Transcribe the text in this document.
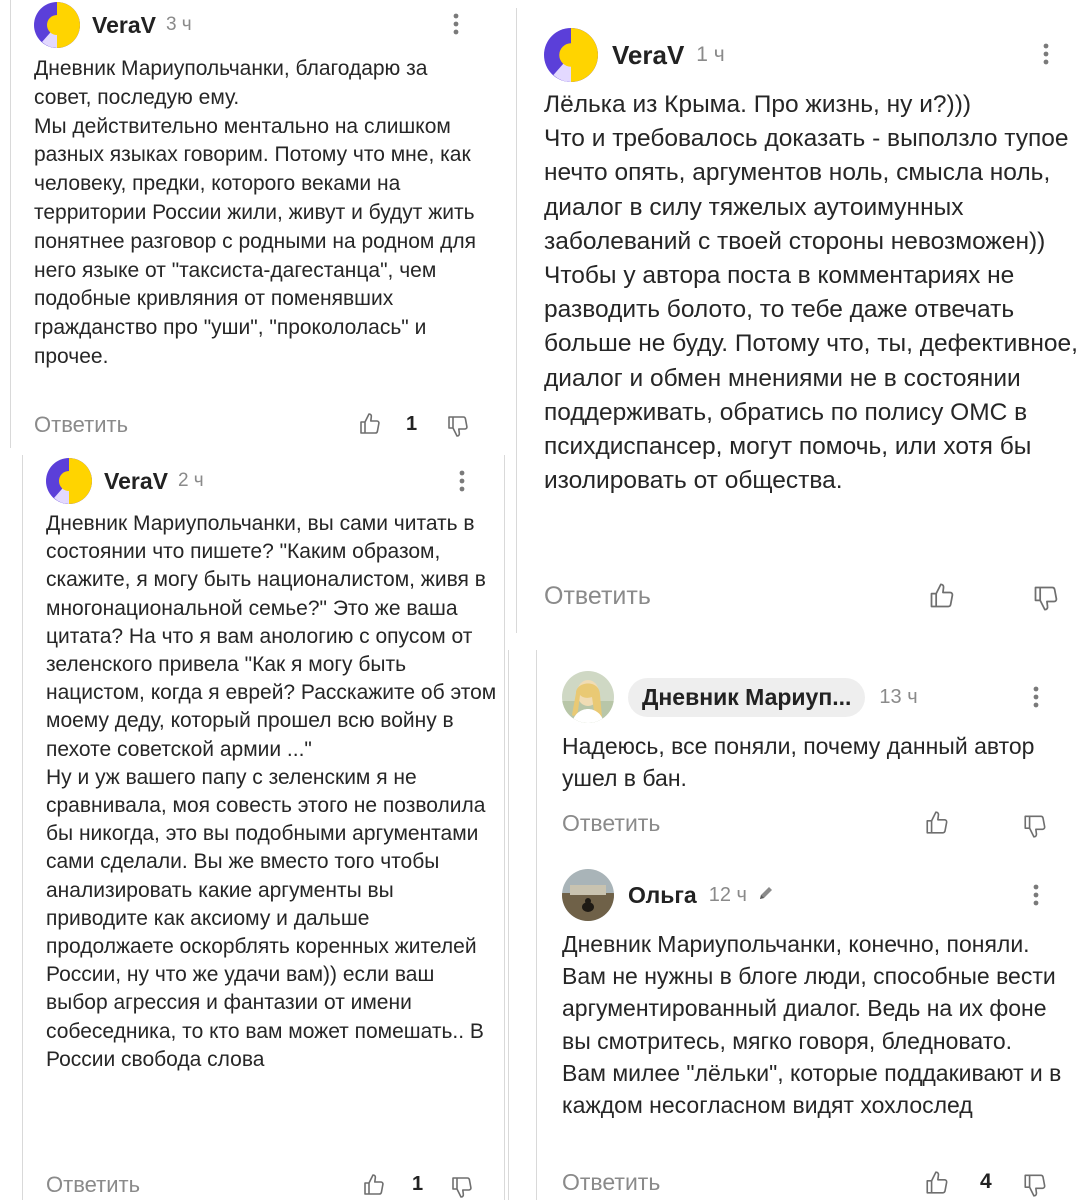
VeraV 3 ч

Дневник Мариупольчанки, благодарю за совет, последую ему.

Мы действительно ментально на слишком разных языках говорим. Потому что мне, как человеку, предки, которого веками на территории России жили, живут и будут жить понятнее разговор с родными на родном для него языке от "таксиста-дагестанца", чем подобные кривляния от поменявших гражданство про "уши", "прокололась" и прочее.

Ответить	1
VeraV 2 ч

Дневник Мариупольчанки, вы сами читать в состоянии что пишете? "Каким образом, скажите, я могу быть националистом, живя в многонациональной семье?" Это же ваша цитата? На что я вам анологию с опусом от зеленского привела "Как я могу быть нацистом, когда я еврей? Расскажите об этом моему деду, который прошел всю войну в пехоте советской армии ..."

Ну и уж вашего папу с зеленским я не сравнивала, моя совесть этого не позволила бы никогда, это вы подобными аргументами сами сделали. Вы же вместо того чтобы анализировать какие аргументы вы приводите как аксиому и дальше продолжаете оскорблять коренных жителей России, ну что же удачи вам)) если ваш выбор агрессия и фантазии от имени собеседника, то кто вам может помешать.. В России свобода слова

Ответить	1
VeraV 1 ч

Лёлька из Крыма. Про жизнь, ну и?)))

Что и требовалось доказать - выползло тупое нечто опять, аргументов ноль, смысла ноль, диалог в силу тяжелых аутоимунных заболеваний с твоей стороны невозможен))

Чтобы у автора поста в комментариях не разводить болото, то тебе даже отвечать больше не буду. Потому что, ты, дефективное, диалог и обмен мнениями не в состоянии поддерживать, обратись по полису ОМС в психдиспансер, могут помочь, или хотя бы изолировать от общества.

Ответить
Дневник Мариуп...	13 ч

Надеюсь, все поняли, почему данный автор ушел в бан.

Ответить
Ольга 12 ч

Дневник Мариупольчанки, конечно, поняли. Вам не нужны в блоге люди, способные вести аргументированный диалог. Ведь на их фоне вы смотритесь, мягко говоря, бледновато. Вам милее "лёльки", которые поддакивают и в каждом несогласном видят хохлослед

Ответить	4
